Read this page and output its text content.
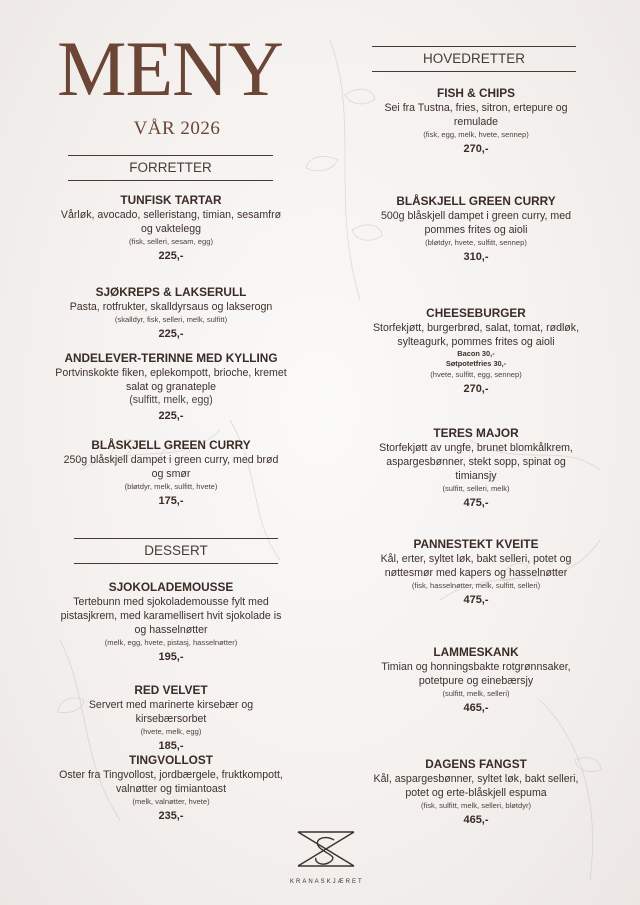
MENY
VÅR 2026
FORRETTER
TUNFISK TARTAR
Vårløk, avocado, selleristang, timian, sesamfrø og vaktelegg
(fisk, selleri, sesam, egg)
225,-
SJØKREPS & LAKSERULL
Pasta, rotfrukter, skalldyrsaus og lakserogn
(skalldyr, fisk, selleri, melk, sulfitt)
225,-
ANDELEVER-TERINNE MED KYLLING
Portvinskokte fiken, eplekompott, brioche, kremet salat og granateple
(sulfitt, melk, egg)
225,-
BLÅSKJELL GREEN CURRY
250g blåskjell dampet i green curry, med brød og smør
(bløtdyr, melk, sulfitt, hvete)
175,-
DESSERT
SJOKOLADEMOUSSE
Tertebunn med sjokolademousse fylt med pistasjkrem, med karamellisert hvit sjokolade is og hasselnøtter
(melk, egg, hvete, pistasj, hasselnøtter)
195,-
RED VELVET
Servert med marinerte kirsebær og kirsebærsorbet
(hvete, melk, egg)
185,-
TINGVOLLOST
Oster fra Tingvollost, jordbærgele, fruktkompott, valnøtter og timiantoast
(melk, valnøtter, hvete)
235,-
HOVEDRETTER
FISH & CHIPS
Sei fra Tustna, fries, sitron, ertepure og remulade
(fisk, egg, melk, hvete, sennep)
270,-
BLÅSKJELL GREEN CURRY
500g blåskjell dampet i green curry, med pommes frites og aioli
(bløtdyr, hvete, sulfitt, sennep)
310,-
CHEESEBURGER
Storfekjøtt, burgerbrød, salat, tomat, rødløk, sylteagurk, pommes frites og aioli
Bacon 30,-
Søtpotetfries 30,-
(hvete, sulfitt, egg, sennep)
270,-
TERES MAJOR
Storfekjøtt av ungfe, brunet blomkålkrem, aspargesbønner, stekt sopp, spinat og timiansjy
(sulfitt, selleri, melk)
475,-
PANNESTEKT KVEITE
Kål, erter, syltet løk, bakt selleri, potet og nøttesmør med kapers og hasselnøtter
(fisk, hasselnøtter, melk, sulfitt, selleri)
475,-
LAMMESKANK
Timian og honningsbakte rotgrønnsaker, potetpure og einebærsjy
(sulfitt, melk, selleri)
465,-
DAGENS FANGST
Kål, aspargesbønner, syltet løk, bakt selleri, potet og erte-blåskjell espuma
(fisk, sulfitt, melk, selleri, bløtdyr)
465,-
KRANASKJÆRET
